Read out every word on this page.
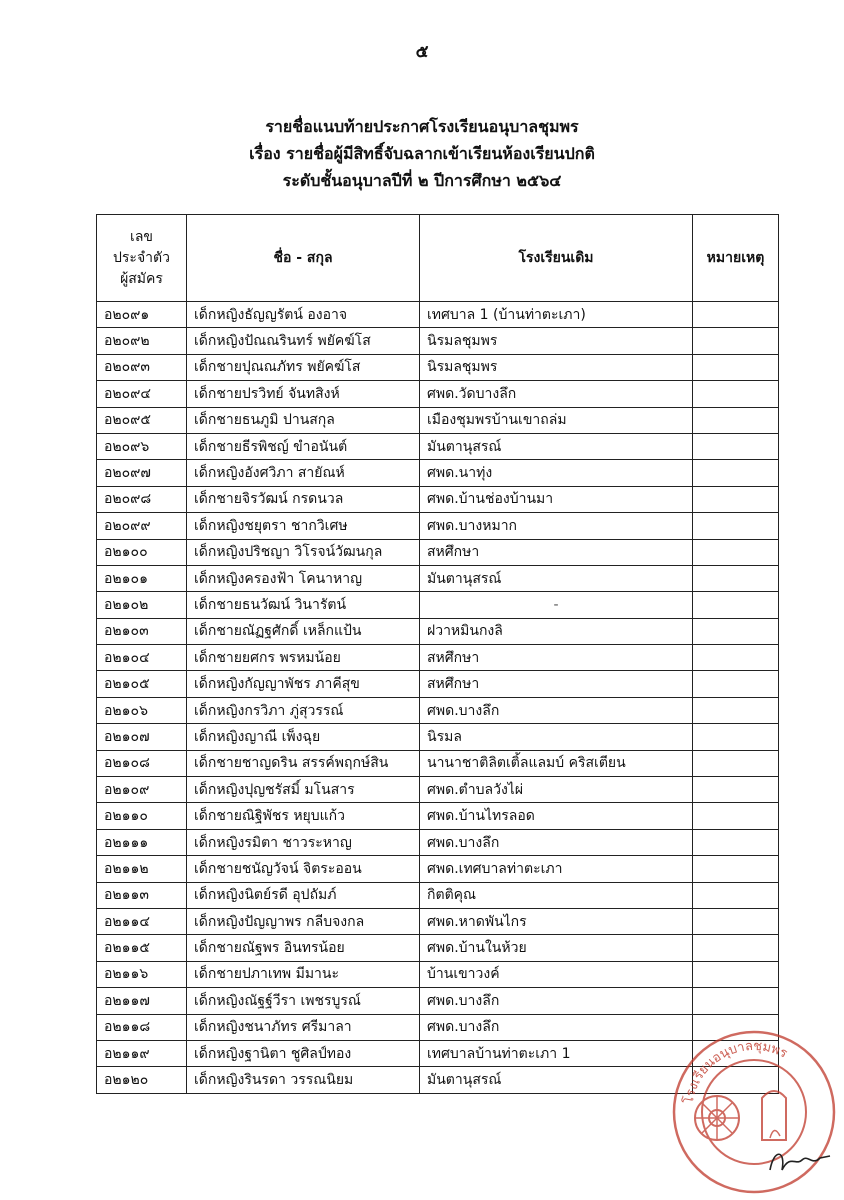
๕
รายชื่อแนบท้ายประกาศโรงเรียนอนุบาลชุมพร
เรื่อง รายชื่อผู้มีสิทธิ์จับฉลากเข้าเรียนห้องเรียนปกติ
ระดับชั้นอนุบาลปีที่ ๒ ปีการศึกษา ๒๕๖๔
เลข
ประจำตัว
ผู้สมัคร	ชื่อ - สกุล	โรงเรียนเดิม	หมายเหตุ
อ๒๐๙๑	เด็กหญิงธัญญรัตน์ องอาจ	เทศบาล 1 (บ้านท่าตะเภา)	
อ๒๐๙๒	เด็กหญิงปัณณรินทร์ พยัคฆ์โส	นิรมลชุมพร	
อ๒๐๙๓	เด็กชายปุณณภัทร พยัคฆ์โส	นิรมลชุมพร	
อ๒๐๙๔	เด็กชายปรวิทย์ จันทสิงห์	ศพด.วัดบางลึก	
อ๒๐๙๕	เด็กชายธนภูมิ ปานสกุล	เมืองชุมพรบ้านเขาถล่ม	
อ๒๐๙๖	เด็กชายธีรพิชญ์ ขำอนันต์	มันตานุสรณ์	
อ๒๐๙๗	เด็กหญิงอังศวิภา สายัณห์	ศพด.นาทุ่ง	
อ๒๐๙๘	เด็กชายจิรวัฒน์ กรดนวล	ศพด.บ้านช่องบ้านมา	
อ๒๐๙๙	เด็กหญิงชยุตรา ชากวิเศษ	ศพด.บางหมาก	
อ๒๑๐๐	เด็กหญิงปริชญา วิโรจน์วัฒนกุล	สหศึกษา	
อ๒๑๐๑	เด็กหญิงครองฟ้า โคนาหาญ	มันตานุสรณ์	
อ๒๑๐๒	เด็กชายธนวัฒน์ วินารัตน์	-	
อ๒๑๐๓	เด็กชายณัฏฐศักดิ์ เหล็กแป้น	ฝวาหมินกงลิ	
อ๒๑๐๔	เด็กชายยศกร พรหมน้อย	สหศึกษา	
อ๒๑๐๕	เด็กหญิงกัญญาพัชร ภาคีสุข	สหศึกษา	
อ๒๑๐๖	เด็กหญิงกรวิภา ภู่สุวรรณ์	ศพด.บางลึก	
อ๒๑๐๗	เด็กหญิงญาณี เพ็งฉุย	นิรมล	
อ๒๑๐๘	เด็กชายชาญดริน สรรค์พฤกษ์สิน	นานาชาติลิตเติ้ลแลมบ์ คริสเตียน	
อ๒๑๐๙	เด็กหญิงปุญชรัสมิ์ มโนสาร	ศพด.ตำบลวังไผ่	
อ๒๑๑๐	เด็กชายณิฐิพัชร หยุบแก้ว	ศพด.บ้านไทรลอด	
อ๒๑๑๑	เด็กหญิงรมิตา ชาวระหาญ	ศพด.บางลึก	
อ๒๑๑๒	เด็กชายชนัญวัจน์ จิตระออน	ศพด.เทศบาลท่าตะเภา	
อ๒๑๑๓	เด็กหญิงนิตย์รดี อุปถัมภ์	กิตติคุณ	
อ๒๑๑๔	เด็กหญิงปัญญาพร กลีบจงกล	ศพด.หาดพันไกร	
อ๒๑๑๕	เด็กชายณัฐพร อินทรน้อย	ศพด.บ้านในห้วย	
อ๒๑๑๖	เด็กชายปภาเทพ มีมานะ	บ้านเขาวงค์	
อ๒๑๑๗	เด็กหญิงณัฐฐ์วีรา เพชรบูรณ์	ศพด.บางลึก	
อ๒๑๑๘	เด็กหญิงชนาภัทร ศรีมาลา	ศพด.บางลึก	
อ๒๑๑๙	เด็กหญิงฐานิตา ชูศิลป์ทอง	เทศบาลบ้านท่าตะเภา 1	
อ๒๑๒๐	เด็กหญิงรินรดา วรรณนิยม	มันตานุสรณ์	
โรงเรียนอนุบาลชุมพร
